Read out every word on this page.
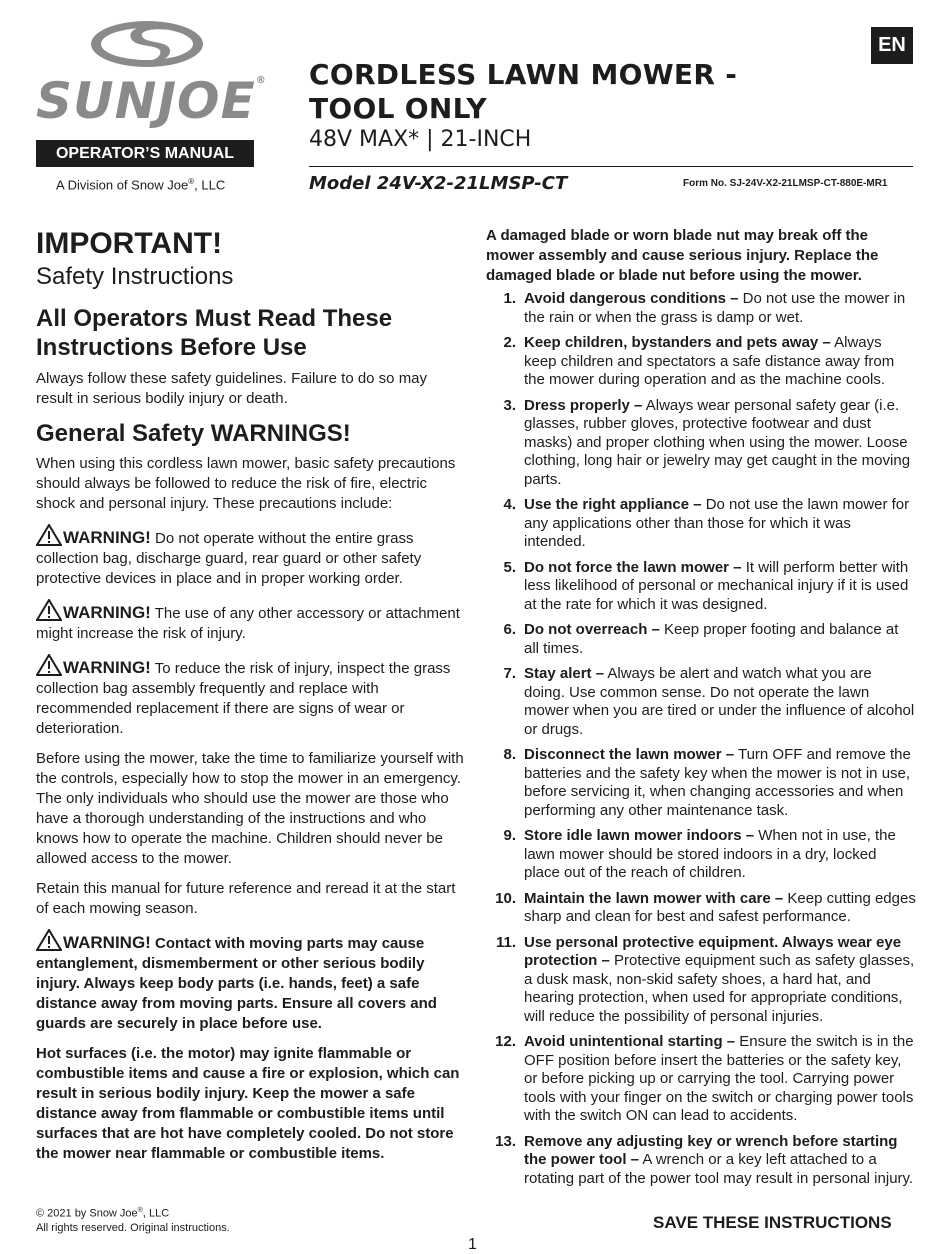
SUNJOE®
OPERATOR’S MANUAL
A Division of Snow Joe®, LLC
EN
CORDLESS LAWN MOWER -
TOOL ONLY
48V MAX* | 21-INCH
Model 24V-X2-21LMSP-CT	Form No. SJ-24V-X2-21LMSP-CT-880E-MR1
IMPORTANT!
Safety Instructions
All Operators Must Read These Instructions Before Use

Always follow these safety guidelines. Failure to do so may result in serious bodily injury or death.

General Safety WARNINGS!

When using this cordless lawn mower, basic safety precautions should always be followed to reduce the risk of fire, electric shock and personal injury. These precautions include:

WARNING! Do not operate without the entire grass collection bag, discharge guard, rear guard or other safety protective devices in place and in proper working order.

WARNING! The use of any other accessory or attachment might increase the risk of injury.

WARNING! To reduce the risk of injury, inspect the grass collection bag assembly frequently and replace with recommended replacement if there are signs of wear or deterioration.

Before using the mower, take the time to familiarize yourself with the controls, especially how to stop the mower in an emergency. The only individuals who should use the mower are those who have a thorough understanding of the instructions and who knows how to operate the machine. Children should never be allowed access to the mower.

Retain this manual for future reference and reread it at the start of each mowing season.

WARNING! Contact with moving parts may cause entanglement, dismemberment or other serious bodily injury. Always keep body parts (i.e. hands, feet) a safe distance away from moving parts. Ensure all covers and guards are securely in place before use.

Hot surfaces (i.e. the motor) may ignite flammable or combustible items and cause a fire or explosion, which can result in serious bodily injury. Keep the mower a safe distance away from flammable or combustible items until surfaces that are hot have completely cooled. Do not store the mower near flammable or combustible items.

A damaged blade or worn blade nut may break off the mower assembly and cause serious injury. Replace the damaged blade or blade nut before using the mower.

1. Avoid dangerous conditions – Do not use the mower in the rain or when the grass is damp or wet.
2. Keep children, bystanders and pets away – Always keep children and spectators a safe distance away from the mower during operation and as the machine cools.
3. Dress properly – Always wear personal safety gear (i.e. glasses, rubber gloves, protective footwear and dust masks) and proper clothing when using the mower. Loose clothing, long hair or jewelry may get caught in the moving parts.
4. Use the right appliance – Do not use the lawn mower for any applications other than those for which it was intended.
5. Do not force the lawn mower – It will perform better with less likelihood of personal or mechanical injury if it is used at the rate for which it was designed.
6. Do not overreach – Keep proper footing and balance at all times.
7. Stay alert – Always be alert and watch what you are doing. Use common sense. Do not operate the lawn mower when you are tired or under the influence of alcohol or drugs.
8. Disconnect the lawn mower – Turn OFF and remove the batteries and the safety key when the mower is not in use, before servicing it, when changing accessories and when performing any other maintenance task.
9. Store idle lawn mower indoors – When not in use, the lawn mower should be stored indoors in a dry, locked place out of the reach of children.
10. Maintain the lawn mower with care – Keep cutting edges sharp and clean for best and safest performance.
11. Use personal protective equipment. Always wear eye protection – Protective equipment such as safety glasses, a dusk mask, non-skid safety shoes, a hard hat, and hearing protection, when used for appropriate conditions, will reduce the possibility of personal injuries.
12. Avoid unintentional starting – Ensure the switch is in the OFF position before insert the batteries or the safety key, or before picking up or carrying the tool. Carrying power tools with your finger on the switch or charging power tools with the switch ON can lead to accidents.
13. Remove any adjusting key or wrench before starting the power tool – A wrench or a key left attached to a rotating part of the power tool may result in personal injury.
© 2021 by Snow Joe®, LLC
All rights reserved. Original instructions.	SAVE THESE INSTRUCTIONS
1
